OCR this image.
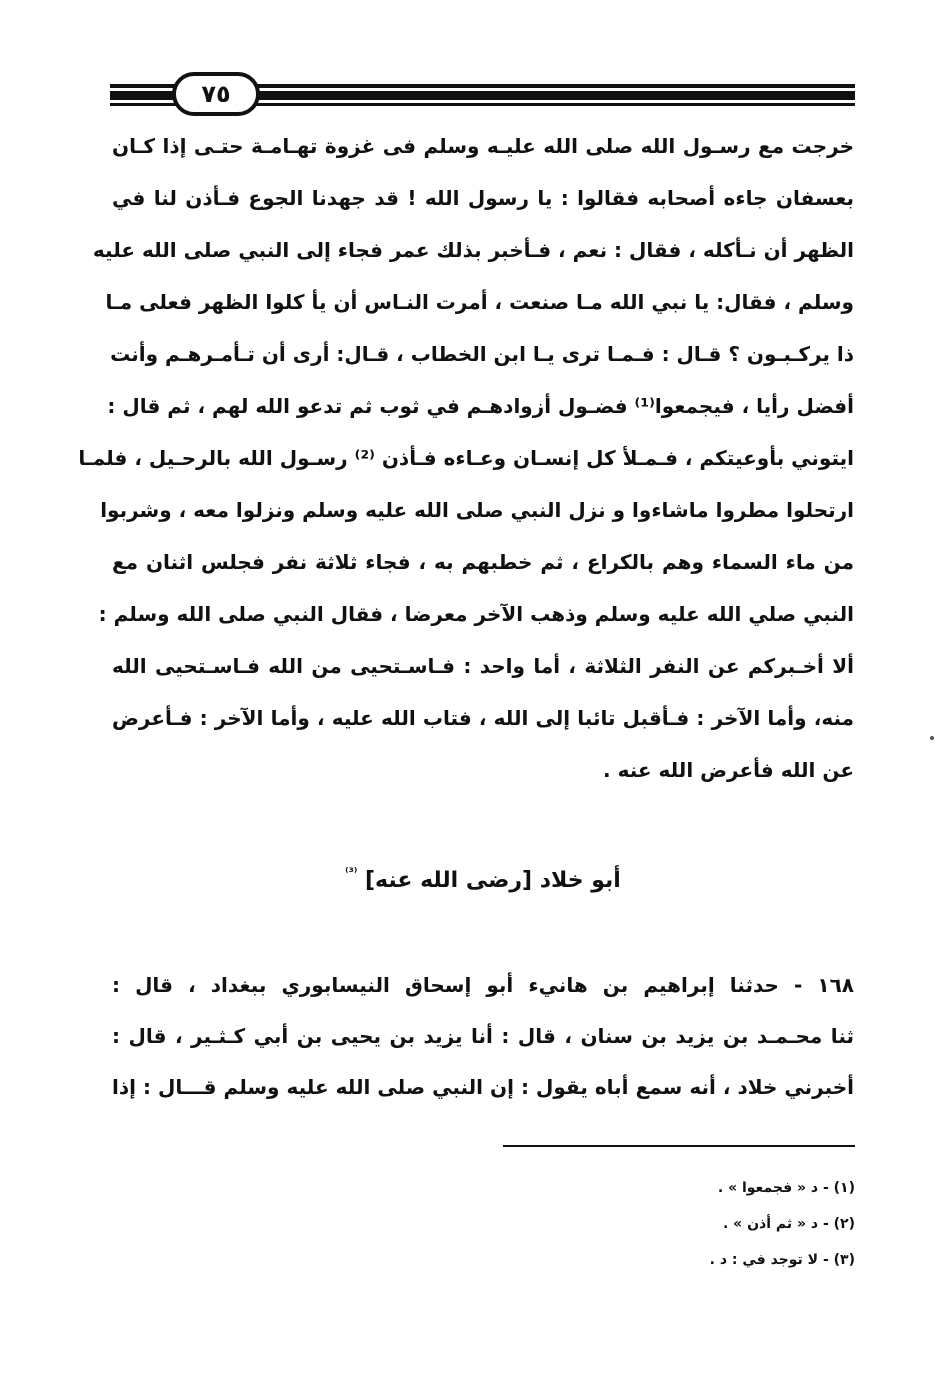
٧٥
خرجت مع رسـول الله صلى الله عليـه وسلم فى غزوة تهـامـة حتـى إذا كـان
بعسفان جاءه أصحابه فقالوا : يا رسول الله ! قد جهدنا الجوع فـأذن لنا في
الظهر أن نـأكله ، فقال : نعم ، فـأخبر بذلك عمر فجاء إلى النبي صلى الله عليه
وسلم ، فقال: يا نبي الله مـا صنعت ، أمرت النـاس أن يأ كلوا الظهر فعلى مـا
ذا يركـبـون ؟ قـال : فـمـا ترى يـا ابن الخطاب ، قـال: أرى أن تـأمـرهـم وأنت
أفضل رأيا ، فيجمعوا⁽¹⁾ فضـول أزوادهـم في ثوب ثم تدعو الله لهم ، ثم قال :
ايتوني بأوعيتكم ، فـمـلأ كل إنسـان وعـاءه فـأذن ⁽²⁾ رسـول الله بالرحـيل ، فلمـا
ارتحلوا مطروا ماشاءوا و نزل النبي صلى الله عليه وسلم ونزلوا معه ، وشربوا
من ماء السماء وهم بالكراع ، ثم خطبهم به ، فجاء ثلاثة نفر فجلس اثنان مع
النبي صلي الله عليه وسلم وذهب الآخر معرضا ، فقال النبي صلى الله وسلم :
ألا أخـبركم عن النفر الثلاثة ، أما واحد : فـاسـتحيى من الله فـاسـتحيى الله
منه، وأما الآخر : فـأقبل تائبا إلى الله ، فتاب الله عليه ، وأما الآخر : فـأعرض
عن الله فأعرض الله عنه .
أبو خلاد [رضى الله عنه] $^{^{(3)}}$
١٦٨ - حدثنا إبراهيم بن هانيء أبو إسحاق النيسابوري ببغداد ، قال :
ثنا محـمـد بن يزيد بن سنان ، قال : أنا يزيد بن يحيى بن أبي كـثـير ، قال :
أخبرني خلاد ، أنه سمع أباه يقول : إن النبي صلى الله عليه وسلم قـــال : إذا
(١) - د « فجمعوا » .
(٢) - د « ثم أذن » .
(٣) - لا توجد في : د .
